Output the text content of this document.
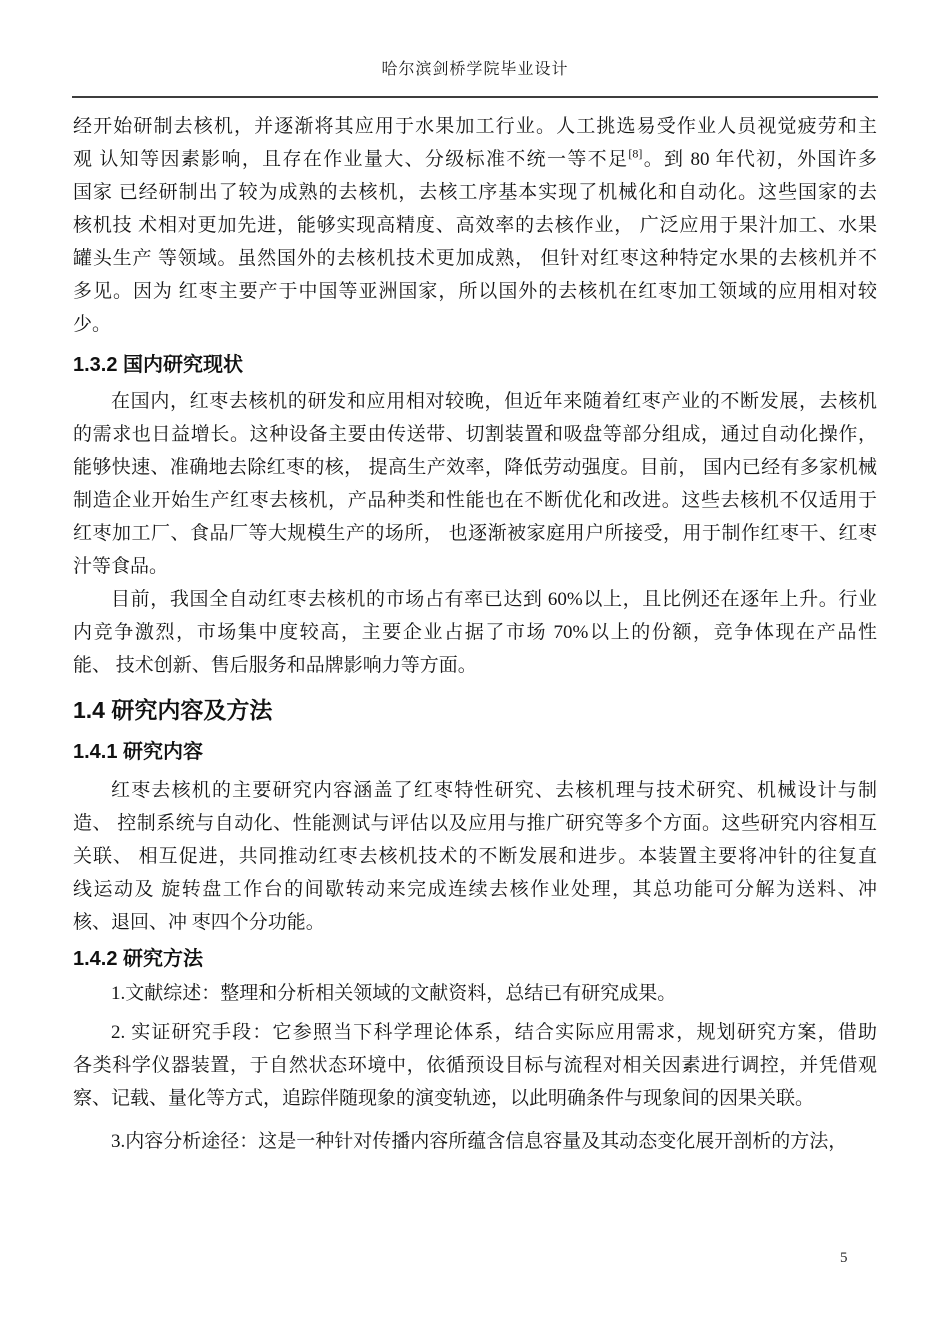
哈尔滨剑桥学院毕业设计
经开始研制去核机，并逐渐将其应用于水果加工行业。人工挑选易受作业人员视觉疲劳和主
观 认知等因素影响，且存在作业量大、分级标准不统一等不足[8]。到 80 年代初，外国许多
国家 已经研制出了较为成熟的去核机，去核工序基本实现了机械化和自动化。这些国家的去
核机技 术相对更加先进，能够实现高精度、高效率的去核作业， 广泛应用于果汁加工、水果
罐头生产 等领域。虽然国外的去核机技术更加成熟， 但针对红枣这种特定水果的去核机并不
多见。因为 红枣主要产于中国等亚洲国家，所以国外的去核机在红枣加工领域的应用相对较
少。
1.3.2 国内研究现状
在国内，红枣去核机的研发和应用相对较晚，但近年来随着红枣产业的不断发展，去核机
的需求也日益增长。这种设备主要由传送带、切割装置和吸盘等部分组成，通过自动化操作，
能够快速、准确地去除红枣的核， 提高生产效率，降低劳动强度。目前， 国内已经有多家机械
制造企业开始生产红枣去核机，产品种类和性能也在不断优化和改进。这些去核机不仅适用于
红枣加工厂、食品厂等大规模生产的场所， 也逐渐被家庭用户所接受，用于制作红枣干、红枣
汁等食品。
目前，我国全自动红枣去核机的市场占有率已达到 60%以上，且比例还在逐年上升。行业
内竞争激烈，市场集中度较高，主要企业占据了市场 70%以上的份额，竞争体现在产品性
能、 技术创新、售后服务和品牌影响力等方面。
1.4 研究内容及方法
1.4.1 研究内容
红枣去核机的主要研究内容涵盖了红枣特性研究、去核机理与技术研究、机械设计与制
造、 控制系统与自动化、性能测试与评估以及应用与推广研究等多个方面。这些研究内容相互
关联、 相互促进，共同推动红枣去核机技术的不断发展和进步。本装置主要将冲针的往复直
线运动及 旋转盘工作台的间歇转动来完成连续去核作业处理，其总功能可分解为送料、冲
核、退回、冲 枣四个分功能。
1.4.2 研究方法
1.文献综述：整理和分析相关领域的文献资料，总结已有研究成果。
2. 实证研究手段：它参照当下科学理论体系，结合实际应用需求，规划研究方案，借助
各类科学仪器装置，于自然状态环境中，依循预设目标与流程对相关因素进行调控，并凭借观
察、记载、量化等方式，追踪伴随现象的演变轨迹，以此明确条件与现象间的因果关联。
3.内容分析途径：这是一种针对传播内容所蕴含信息容量及其动态变化展开剖析的方法，
5
